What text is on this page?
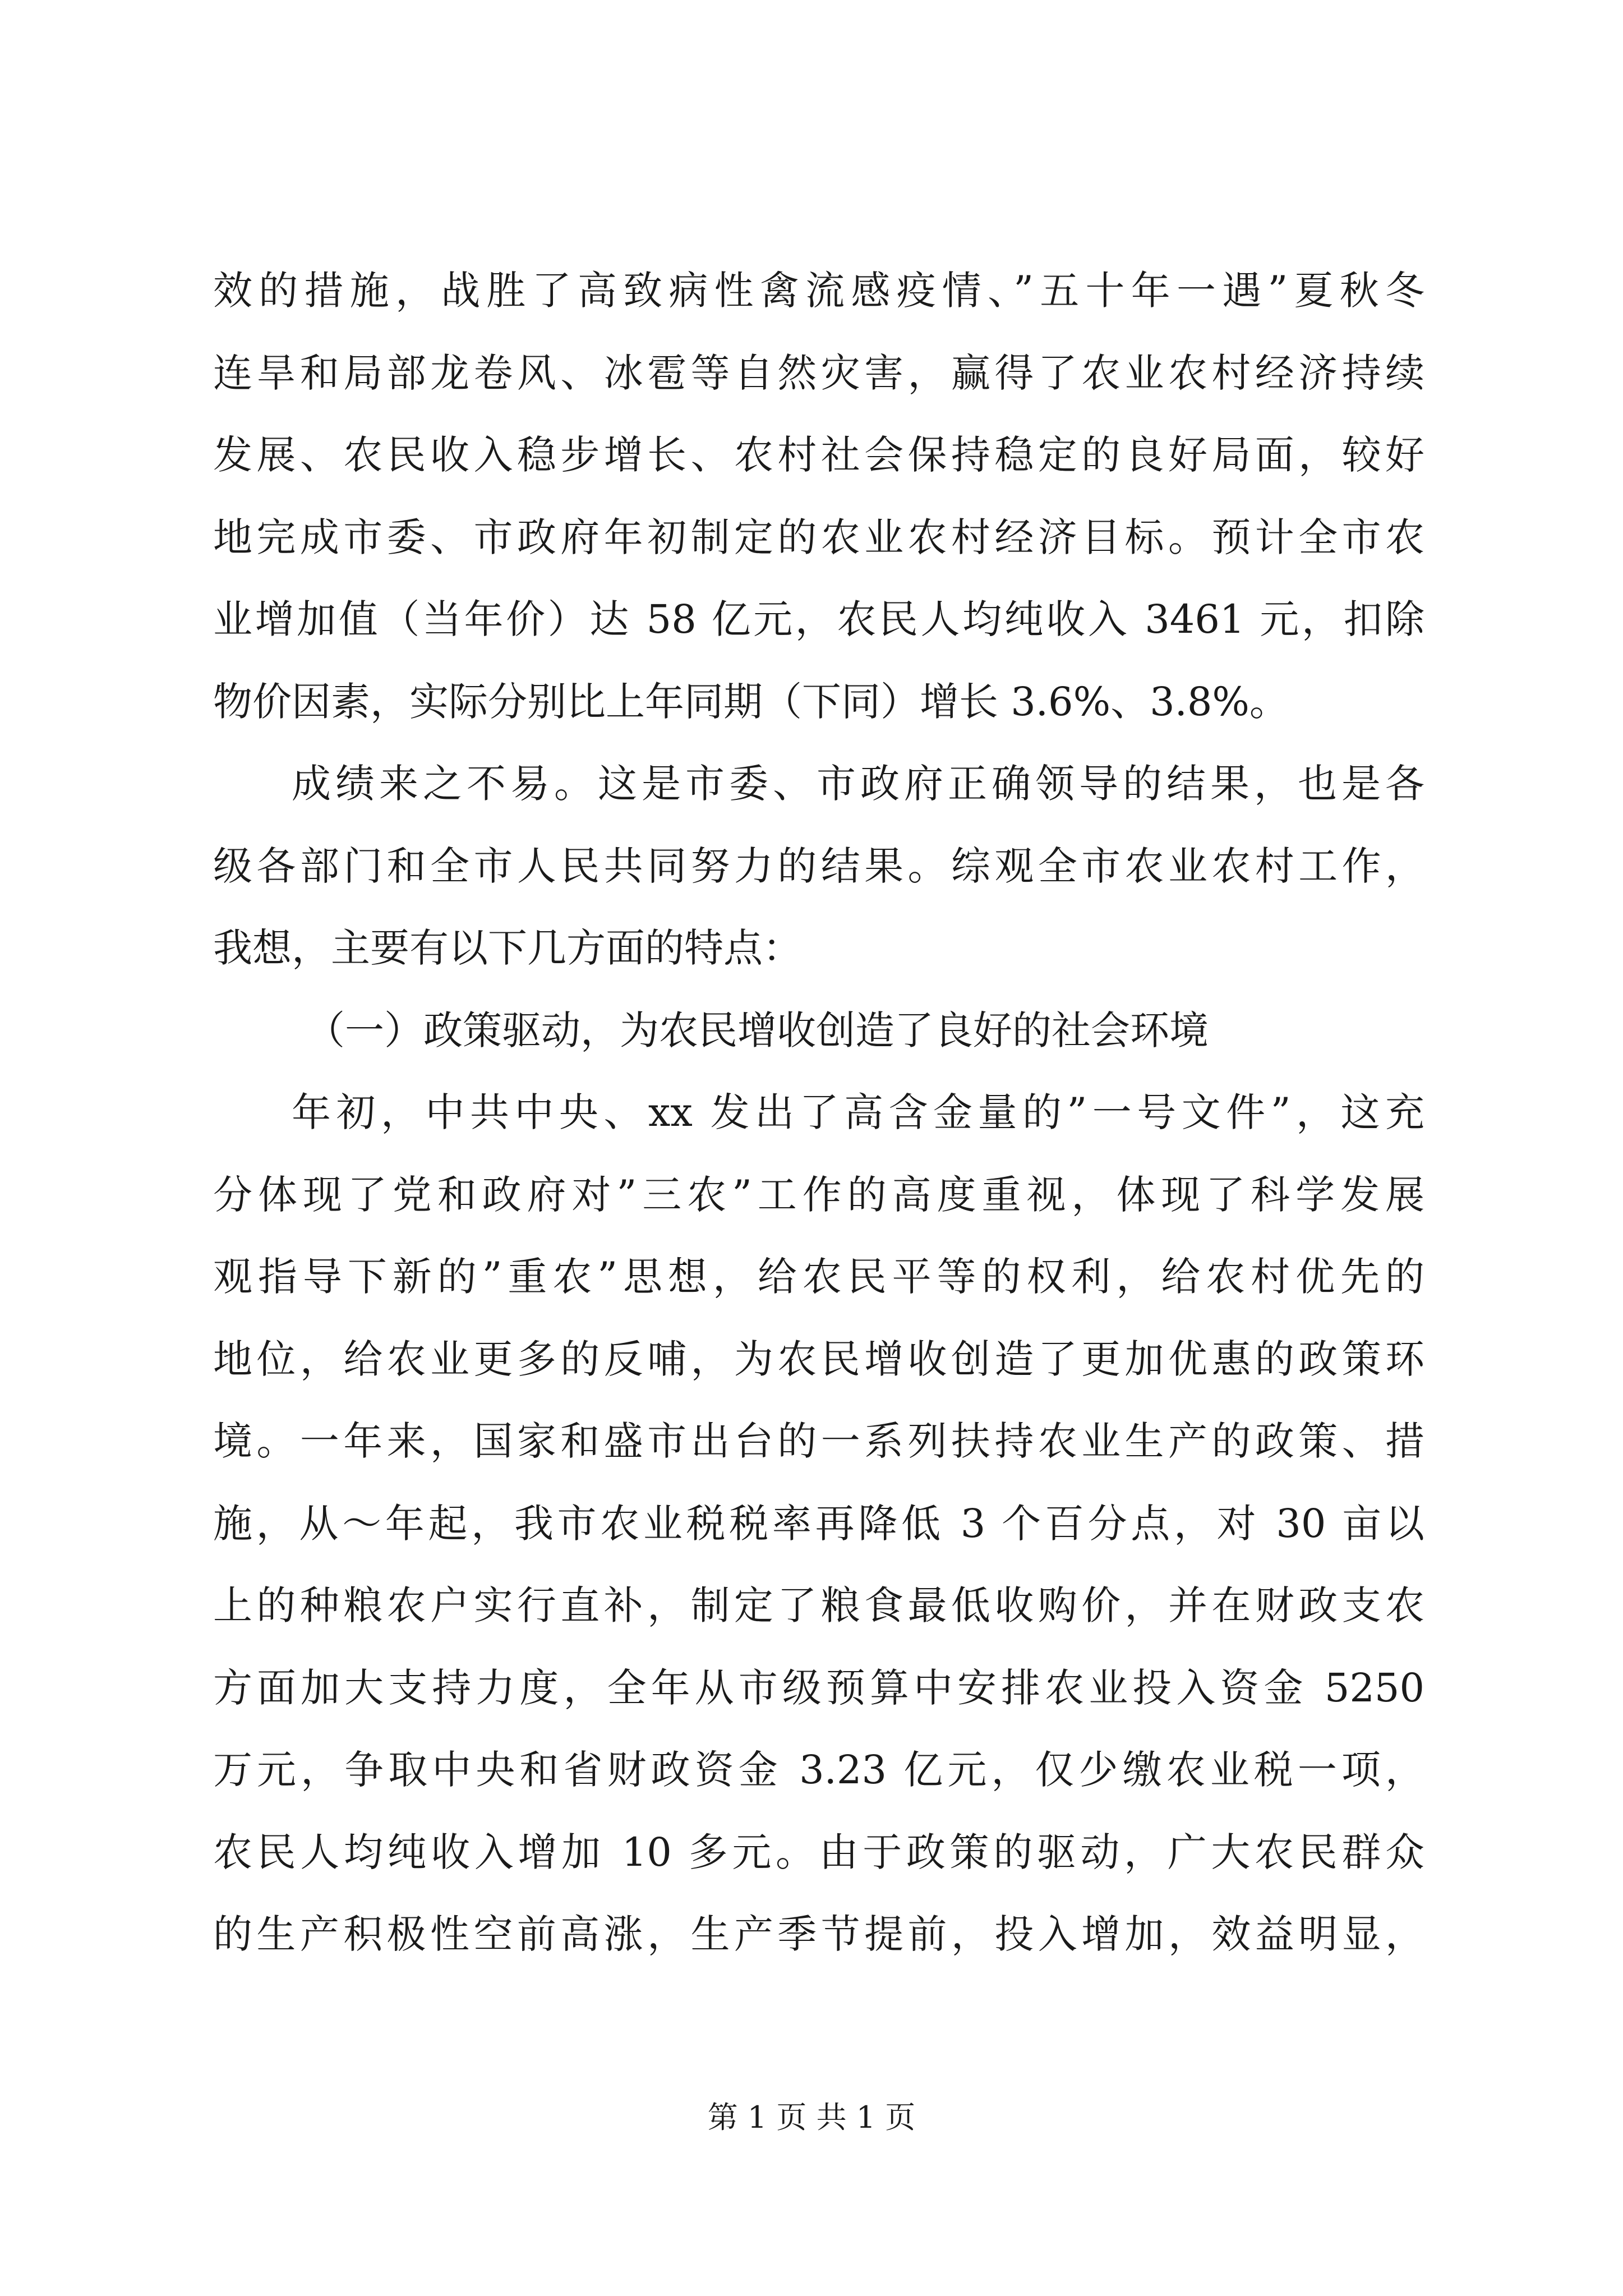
效的措施，战胜了高致病性禽流感疫情、”五十年一遇”夏秋冬
连旱和局部龙卷风、冰雹等自然灾害，赢得了农业农村经济持续
发展、农民收入稳步增长、农村社会保持稳定的良好局面，较好
地完成市委、市政府年初制定的农业农村经济目标。预计全市农
业增加值（当年价）达 58 亿元，农民人均纯收入 3461 元，扣除
物价因素，实际分别比上年同期（下同）增长 3.6%、3.8%。
成绩来之不易。这是市委、市政府正确领导的结果，也是各
级各部门和全市人民共同努力的结果。综观全市农业农村工作，
我想，主要有以下几方面的特点：
（一）政策驱动，为农民增收创造了良好的社会环境
年初，中共中央、xx 发出了高含金量的”一号文件”，这充
分体现了党和政府对”三农”工作的高度重视，体现了科学发展
观指导下新的”重农”思想，给农民平等的权利，给农村优先的
地位，给农业更多的反哺，为农民增收创造了更加优惠的政策环
境。一年来，国家和盛市出台的一系列扶持农业生产的政策、措
施，从～年起，我市农业税税率再降低 3 个百分点，对 30 亩以
上的种粮农户实行直补，制定了粮食最低收购价，并在财政支农
方面加大支持力度，全年从市级预算中安排农业投入资金 5250
万元，争取中央和省财政资金 3.23 亿元，仅少缴农业税一项，
农民人均纯收入增加 10 多元。由于政策的驱动，广大农民群众
的生产积极性空前高涨，生产季节提前，投入增加，效益明显，
第 1 页 共 1 页
